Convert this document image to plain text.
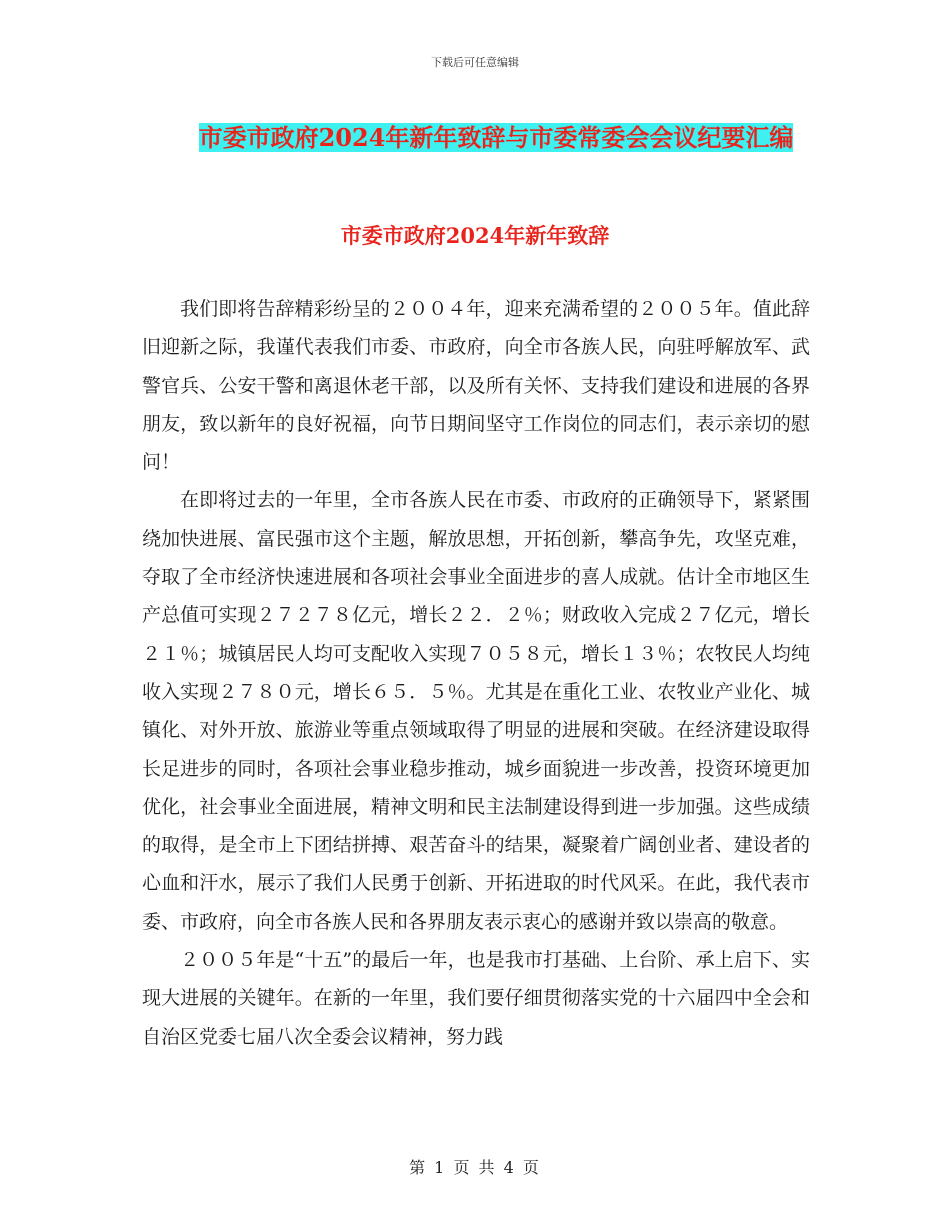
下载后可任意编辑
市委市政府2024年新年致辞与市委常委会会议纪要汇编
市委市政府2024年新年致辞

我们即将告辞精彩纷呈的２００４年，迎来充满希望的２００５年。值此辞旧迎新之际，我谨代表我们市委、市政府，向全市各族人民，向驻呼解放军、武警官兵、公安干警和离退休老干部，以及所有关怀、支持我们建设和进展的各界朋友，致以新年的良好祝福，向节日期间坚守工作岗位的同志们，表示亲切的慰问！

在即将过去的一年里，全市各族人民在市委、市政府的正确领导下，紧紧围绕加快进展、富民强市这个主题，解放思想，开拓创新，攀高争先，攻坚克难，夺取了全市经济快速进展和各项社会事业全面进步的喜人成就。估计全市地区生产总值可实现２７２７８亿元，增长２２．２％；财政收入完成２７亿元，增长２１％；城镇居民人均可支配收入实现７０５８元，增长１３％；农牧民人均纯收入实现２７８０元，增长６５．５％。尤其是在重化工业、农牧业产业化、城镇化、对外开放、旅游业等重点领域取得了明显的进展和突破。在经济建设取得长足进步的同时，各项社会事业稳步推动，城乡面貌进一步改善，投资环境更加优化，社会事业全面进展，精神文明和民主法制建设得到进一步加强。这些成绩的取得，是全市上下团结拼搏、艰苦奋斗的结果，凝聚着广阔创业者、建设者的心血和汗水，展示了我们人民勇于创新、开拓进取的时代风采。在此，我代表市委、市政府，向全市各族人民和各界朋友表示衷心的感谢并致以崇高的敬意。

２００５年是“十五”的最后一年，也是我市打基础、上台阶、承上启下、实现大进展的关键年。在新的一年里，我们要仔细贯彻落实党的十六届四中全会和自治区党委七届八次全委会议精神，努力践

第 1 页 共 4 页
